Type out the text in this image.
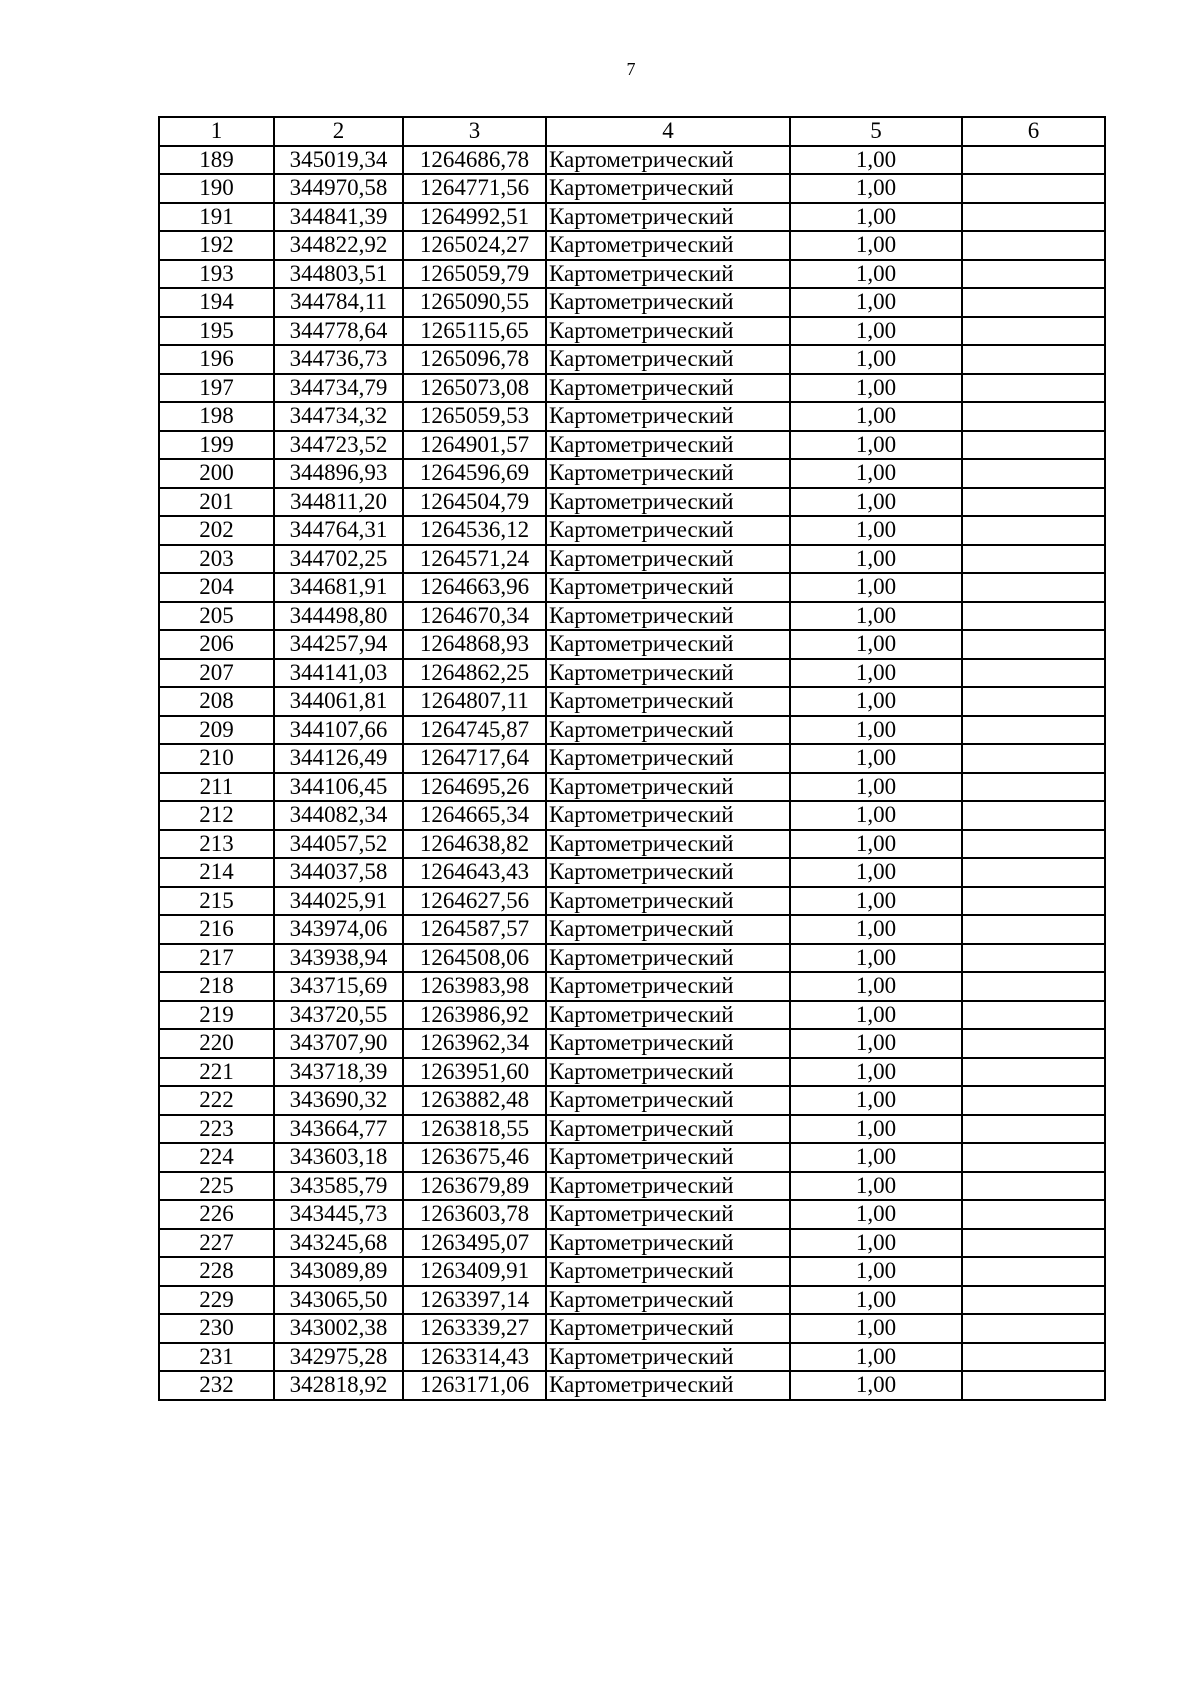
7
1	2	3	4	5	6
189	345019,34	1264686,78	Картометрический	1,00	
190	344970,58	1264771,56	Картометрический	1,00	
191	344841,39	1264992,51	Картометрический	1,00	
192	344822,92	1265024,27	Картометрический	1,00	
193	344803,51	1265059,79	Картометрический	1,00	
194	344784,11	1265090,55	Картометрический	1,00	
195	344778,64	1265115,65	Картометрический	1,00	
196	344736,73	1265096,78	Картометрический	1,00	
197	344734,79	1265073,08	Картометрический	1,00	
198	344734,32	1265059,53	Картометрический	1,00	
199	344723,52	1264901,57	Картометрический	1,00	
200	344896,93	1264596,69	Картометрический	1,00	
201	344811,20	1264504,79	Картометрический	1,00	
202	344764,31	1264536,12	Картометрический	1,00	
203	344702,25	1264571,24	Картометрический	1,00	
204	344681,91	1264663,96	Картометрический	1,00	
205	344498,80	1264670,34	Картометрический	1,00	
206	344257,94	1264868,93	Картометрический	1,00	
207	344141,03	1264862,25	Картометрический	1,00	
208	344061,81	1264807,11	Картометрический	1,00	
209	344107,66	1264745,87	Картометрический	1,00	
210	344126,49	1264717,64	Картометрический	1,00	
211	344106,45	1264695,26	Картометрический	1,00	
212	344082,34	1264665,34	Картометрический	1,00	
213	344057,52	1264638,82	Картометрический	1,00	
214	344037,58	1264643,43	Картометрический	1,00	
215	344025,91	1264627,56	Картометрический	1,00	
216	343974,06	1264587,57	Картометрический	1,00	
217	343938,94	1264508,06	Картометрический	1,00	
218	343715,69	1263983,98	Картометрический	1,00	
219	343720,55	1263986,92	Картометрический	1,00	
220	343707,90	1263962,34	Картометрический	1,00	
221	343718,39	1263951,60	Картометрический	1,00	
222	343690,32	1263882,48	Картометрический	1,00	
223	343664,77	1263818,55	Картометрический	1,00	
224	343603,18	1263675,46	Картометрический	1,00	
225	343585,79	1263679,89	Картометрический	1,00	
226	343445,73	1263603,78	Картометрический	1,00	
227	343245,68	1263495,07	Картометрический	1,00	
228	343089,89	1263409,91	Картометрический	1,00	
229	343065,50	1263397,14	Картометрический	1,00	
230	343002,38	1263339,27	Картометрический	1,00	
231	342975,28	1263314,43	Картометрический	1,00	
232	342818,92	1263171,06	Картометрический	1,00	
